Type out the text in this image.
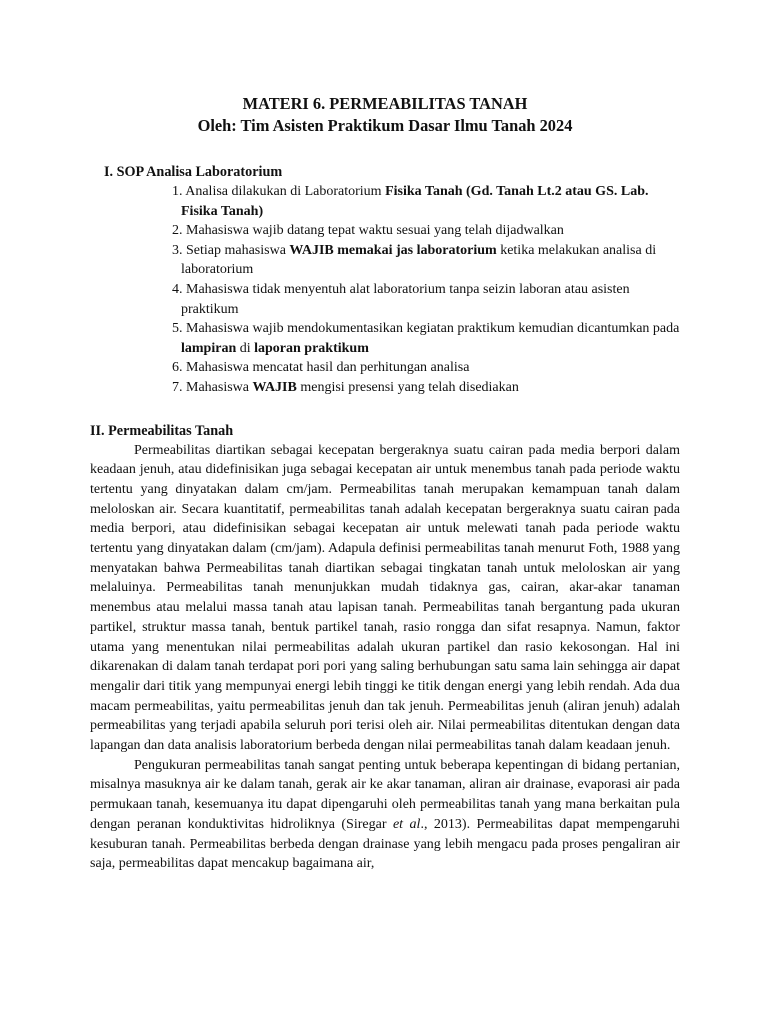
MATERI 6. PERMEABILITAS TANAH
Oleh: Tim Asisten Praktikum Dasar Ilmu Tanah 2024
I. SOP Analisa Laboratorium
1. Analisa dilakukan di Laboratorium Fisika Tanah (Gd. Tanah Lt.2 atau GS. Lab. Fisika Tanah)
2. Mahasiswa wajib datang tepat waktu sesuai yang telah dijadwalkan
3. Setiap mahasiswa WAJIB memakai jas laboratorium ketika melakukan analisa di laboratorium
4. Mahasiswa tidak menyentuh alat laboratorium tanpa seizin laboran atau asisten praktikum
5. Mahasiswa wajib mendokumentasikan kegiatan praktikum kemudian dicantumkan pada lampiran di laporan praktikum
6. Mahasiswa mencatat hasil dan perhitungan analisa
7. Mahasiswa WAJIB mengisi presensi yang telah disediakan
II. Permeabilitas Tanah

Permeabilitas diartikan sebagai kecepatan bergeraknya suatu cairan pada media berpori dalam keadaan jenuh, atau didefinisikan juga sebagai kecepatan air untuk menembus tanah pada periode waktu tertentu yang dinyatakan dalam cm/jam. Permeabilitas tanah merupakan kemampuan tanah dalam meloloskan air. Secara kuantitatif, permeabilitas tanah adalah kecepatan bergeraknya suatu cairan pada media berpori, atau didefinisikan sebagai kecepatan air untuk melewati tanah pada periode waktu tertentu yang dinyatakan dalam (cm/jam). Adapula definisi permeabilitas tanah menurut Foth, 1988 yang menyatakan bahwa Permeabilitas tanah diartikan sebagai tingkatan tanah untuk meloloskan air yang melaluinya. Permeabilitas tanah menunjukkan mudah tidaknya gas, cairan, akar-akar tanaman menembus atau melalui massa tanah atau lapisan tanah. Permeabilitas tanah bergantung pada ukuran partikel, struktur massa tanah, bentuk partikel tanah, rasio rongga dan sifat resapnya. Namun, faktor utama yang menentukan nilai permeabilitas adalah ukuran partikel dan rasio kekosongan. Hal ini dikarenakan di dalam tanah terdapat pori pori yang saling berhubungan satu sama lain sehingga air dapat mengalir dari titik yang mempunyai energi lebih tinggi ke titik dengan energi yang lebih rendah. Ada dua macam permeabilitas, yaitu permeabilitas jenuh dan tak jenuh. Permeabilitas jenuh (aliran jenuh) adalah permeabilitas yang terjadi apabila seluruh pori terisi oleh air. Nilai permeabilitas ditentukan dengan data lapangan dan data analisis laboratorium berbeda dengan nilai permeabilitas tanah dalam keadaan jenuh.

Pengukuran permeabilitas tanah sangat penting untuk beberapa kepentingan di bidang pertanian, misalnya masuknya air ke dalam tanah, gerak air ke akar tanaman, aliran air drainase, evaporasi air pada permukaan tanah, kesemuanya itu dapat dipengaruhi oleh permeabilitas tanah yang mana berkaitan pula dengan peranan konduktivitas hidroliknya (Siregar et al., 2013). Permeabilitas dapat mempengaruhi kesuburan tanah. Permeabilitas berbeda dengan drainase yang lebih mengacu pada proses pengaliran air saja, permeabilitas dapat mencakup bagaimana air,
